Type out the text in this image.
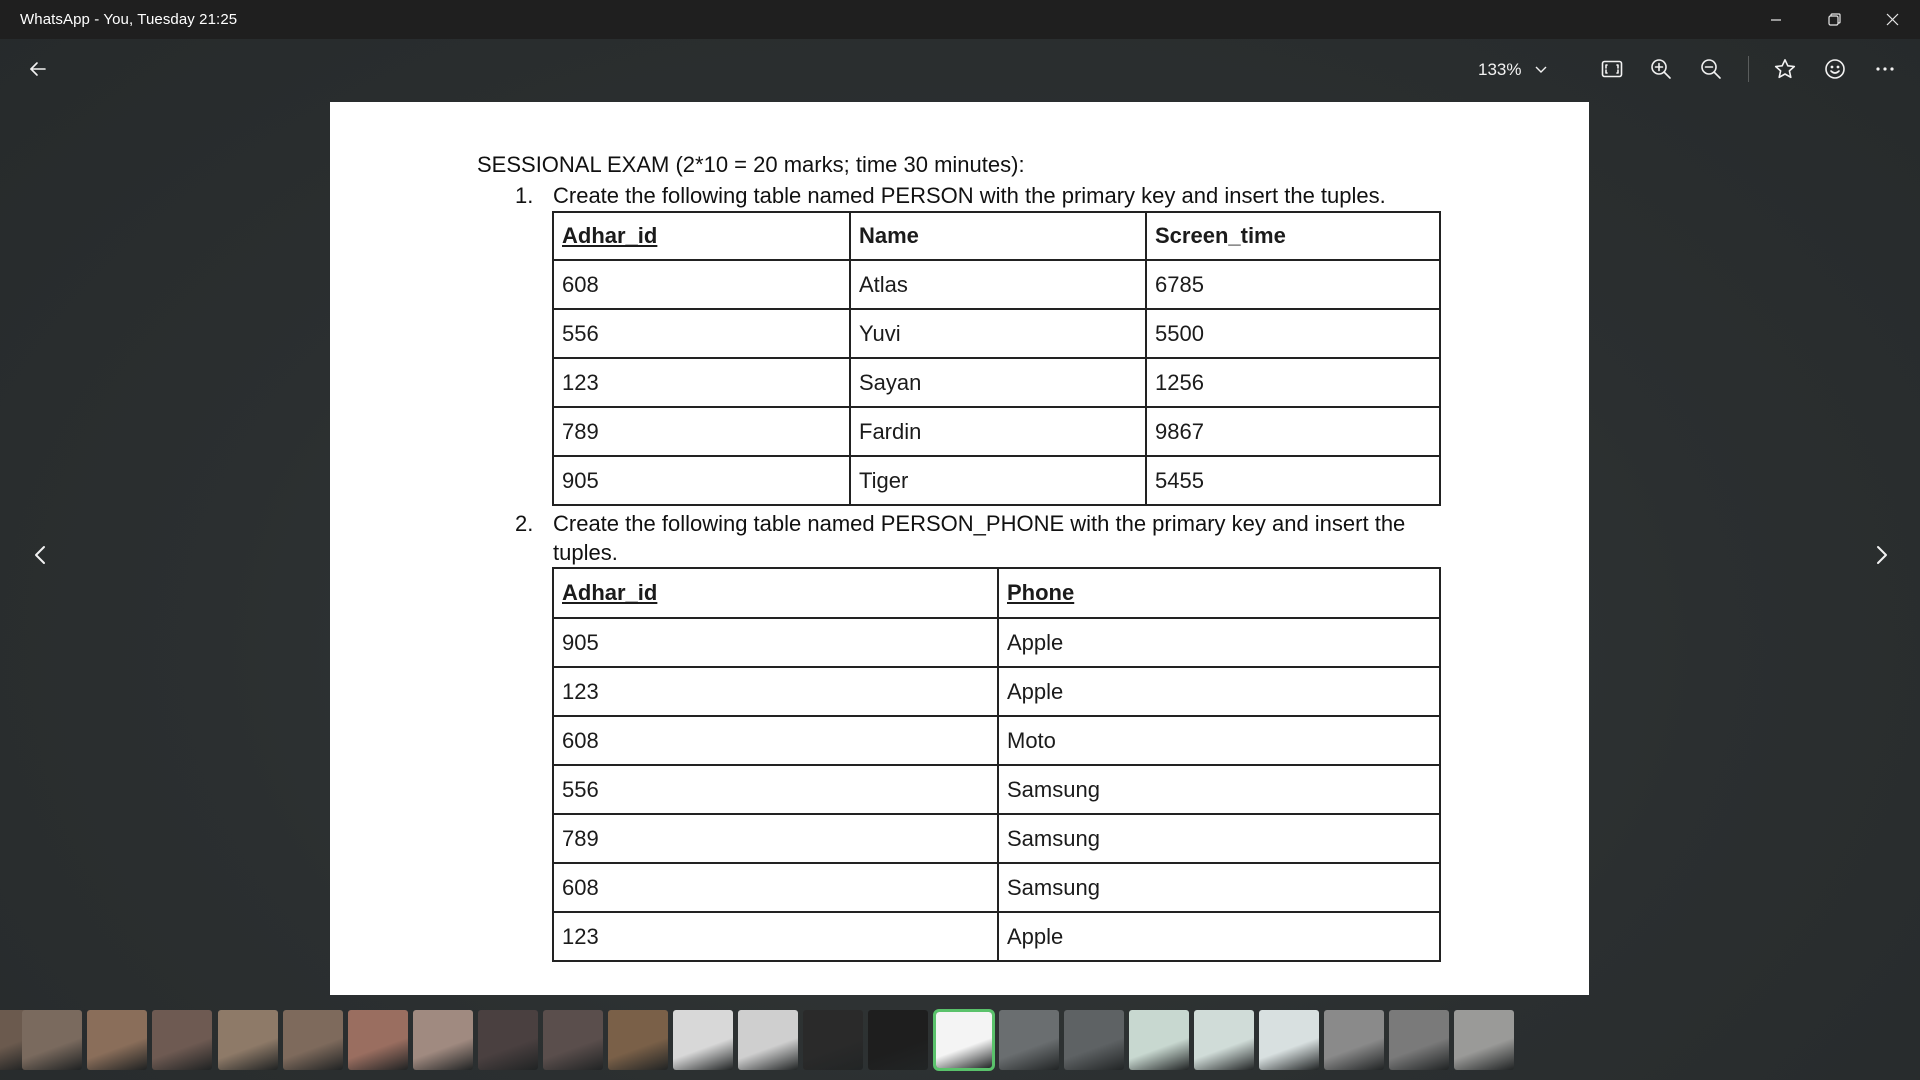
WhatsApp - You, Tuesday 21:25
133%
SESSIONAL EXAM (2*10 = 20 marks; time 30 minutes):
1. Create the following table named PERSON with the primary key and insert the tuples.
Adhar_id	Name	Screen_time
608	Atlas	6785
556	Yuvi	5500
123	Sayan	1256
789	Fardin	9867
905	Tiger	5455
2. Create the following table named PERSON_PHONE with the primary key and insert the
tuples.
Adhar_id	Phone
905	Apple
123	Apple
608	Moto
556	Samsung
789	Samsung
608	Samsung
123	Apple
